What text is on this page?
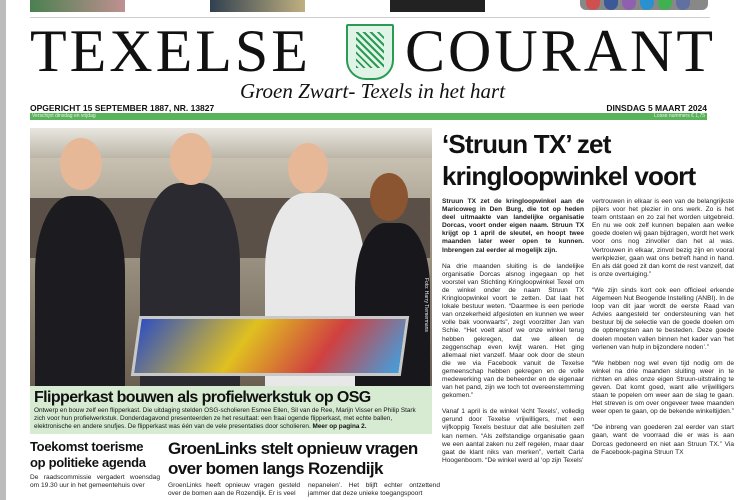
TEXELSE COURANT
Groen Zwart- Texels in het hart
OPGERICHT 15 SEPTEMBER 1887, NR. 13827	DINSDAG 5 MAART 2024
Verschijnt dinsdag en vrijdag	Losse nummers € 1,75
Foto: Harry Tiemermans
Flipperkast bouwen als profielwerkstuk op OSG

Ontwerp en bouw zelf een flipperkast. Die uitdaging stelden OSG-scholieren Esmee Ellen, Sil van de Ree, Marijn Visser en Philip Stark zich voor hun profielwerkstuk. Donderdagavond presenteerden ze het resultaat: een fraai ogende flipperkast, met echte ballen, elektronische en andere snufjes. De flipperkast was één van de vele presentaties door scholieren. Meer op pagina 2.

Toekomst toerisme op politieke agenda
De raadscommissie vergadert woensdag om 19.30 uur in het gemeentehuis over
GroenLinks stelt opnieuw vragen over bomen langs Rozendijk
GroenLinks heeft opnieuw vragen gesteld over de bomen aan de Rozendijk. Er is veel
nepanelen’. Het blijft echter ontzettend jammer dat deze unieke toegangspoort
‘Struun TX’ zet kringloopwinkel voort

Struun TX zet de kringloopwinkel aan de Maricoweg in Den Burg, die tot op heden deel uitmaakte van landelijke organisatie Dorcas, voort onder eigen naam. Struun TX krijgt op 1 april de sleutel, en hoopt twee maanden later weer open te kunnen. Inbrengen zal eerder al mogelijk zijn.

Na drie maanden sluiting is de landelijke organisatie Dorcas alsnog ingegaan op het voorstel van Stichting Kringloopwinkel Texel om de winkel onder de naam Struun TX Kringloopwinkel voort te zetten. Dat laat het lokale bestuur weten. “Daarmee is een periode van onzekerheid afgesloten en kunnen we weer volle bak voorwaarts”, zegt voorzitter Jan van Schie. “Het voelt alsof we onze winkel terug hebben gekregen, dat we alleen de zeggenschap even kwijt waren. Het ging allemaal niet vanzelf. Maar ook door de steun die we via Facebook vanuit de Texelse gemeenschap hebben gekregen en de volle medewerking van de beheerder en de eigenaar van het pand, zijn we toch tot overeenstemming gekomen.”

Vanaf 1 april is de winkel ‘écht Texels’, volledig gerund door Texelse vrijwilligers, met een vijfkoppig Texels bestuur dat alle besluiten zelf kan nemen. “Als zelfstandige organisatie gaan we een aantal zaken nu zelf regelen, maar daar gaat de klant niks van merken”, vertelt Carla Hoogenboom. “De winkel werd al ‘op zijn Texels’

vertrouwen in elkaar is een van de belangrijkste pijlers voor het plezier in ons werk. Zo is het team ontstaan en zo zal het worden uitgebreid. En nu we ook zelf kunnen bepalen aan welke goede doelen wij gaan bijdragen, wordt het werk voor ons nog zinvoller dan het al was. Vertrouwen in elkaar, zinvol bezig zijn en vooral werkplezier, gaan wat ons betreft hand in hand. En als dát goed zit dan komt de rest vanzelf, dat is onze overtuiging.”

“We zijn sinds kort ook een officieel erkende Algemeen Nut Beogende Instelling (ANBI). In de loop van dit jaar wordt de eerste Raad van Advies aangesteld ter ondersteuning van het bestuur bij de selectie van de goede doelen om de opbrengsten aan te besteden. Deze goede doelen moeten vallen binnen het kader van ‘het verlenen van hulp in bijzondere noden’.”

“We hebben nog wel even tijd nodig om de winkel na drie maanden sluiting weer in te richten en alles onze eigen Struun-uitstraling te geven. Dat komt goed, want alle vrijwilligers staan te popelen om weer aan de slag te gaan. Het streven is om over ongeveer twee maanden weer open te gaan, op de bekende winkeltijden.”

“De inbreng van goederen zal eerder van start gaan, want de voorraad die er was is aan Dorcas gedoneerd en niet aan Struun TX.” Via de Facebook-pagina Struun TX
